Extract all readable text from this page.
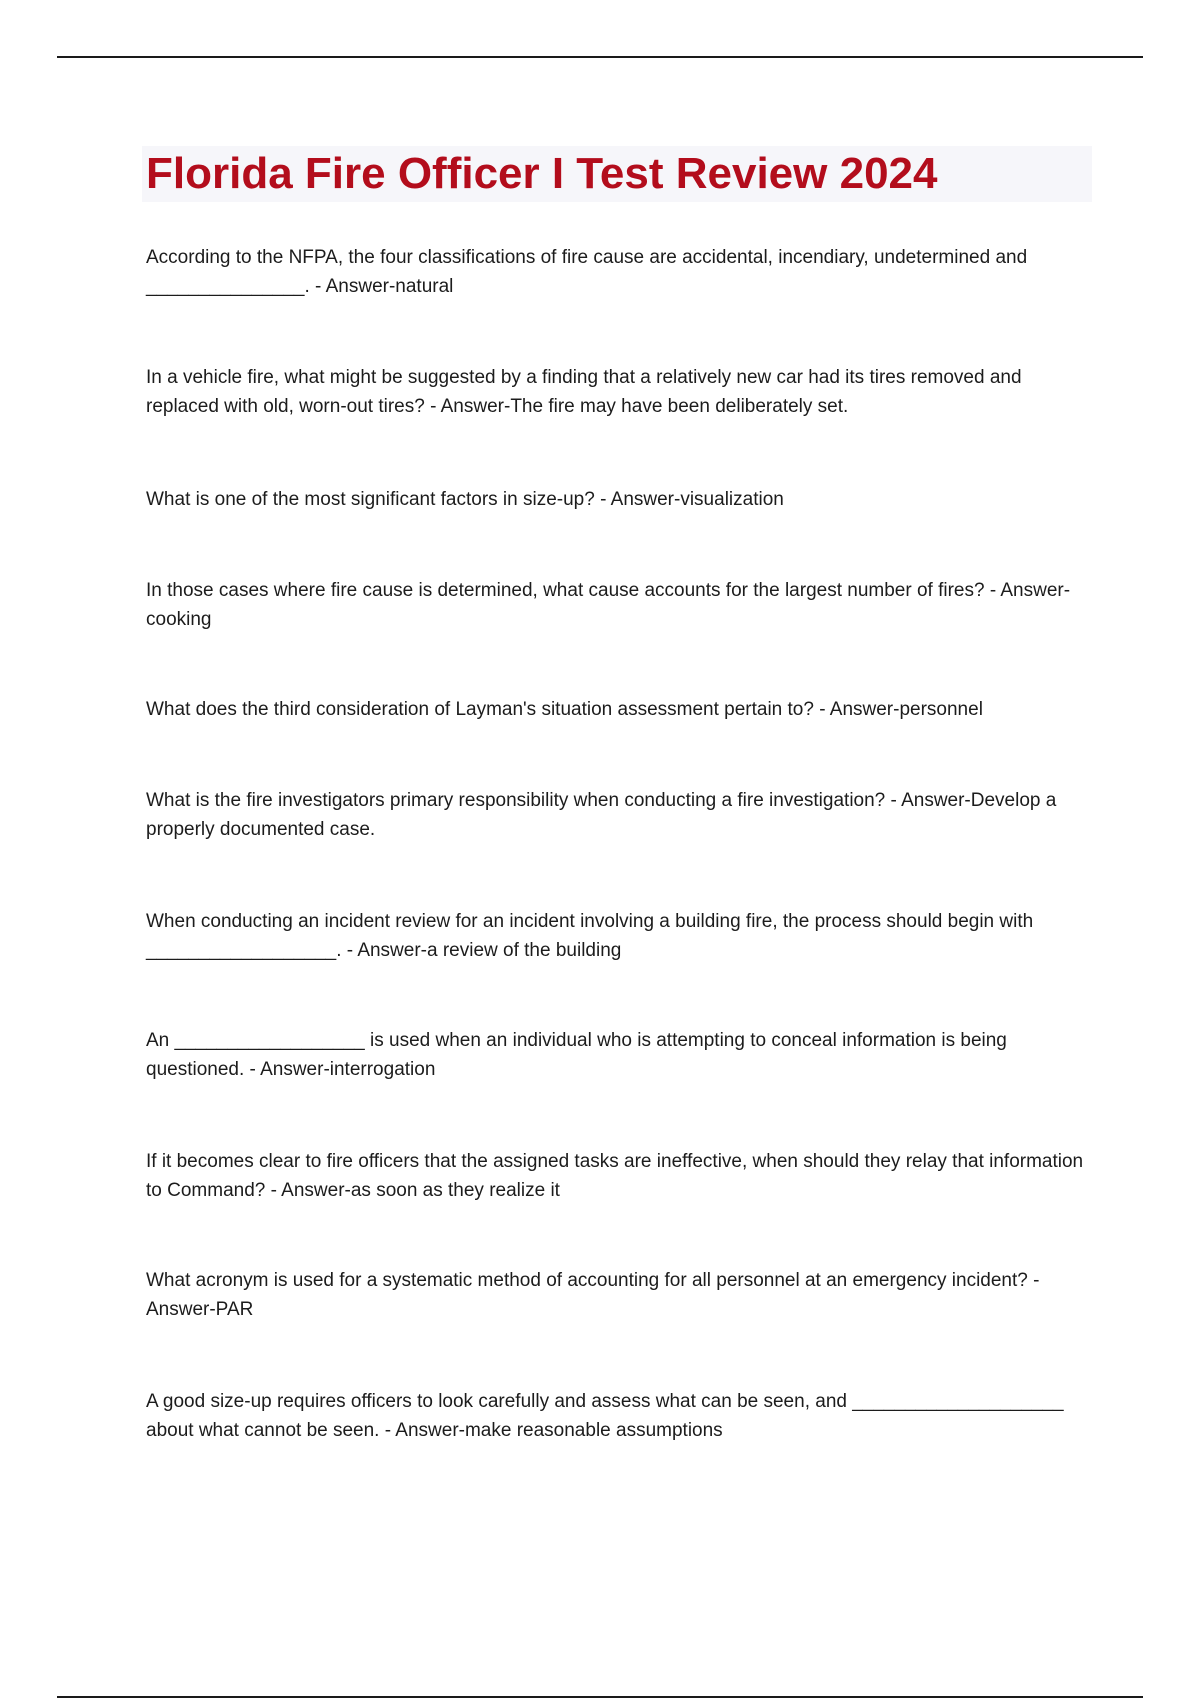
Florida Fire Officer I Test Review 2024

According to the NFPA, the four classifications of fire cause are accidental, incendiary, undetermined and _______________. - Answer-natural

In a vehicle fire, what might be suggested by a finding that a relatively new car had its tires removed and replaced with old, worn-out tires? - Answer-The fire may have been deliberately set.

What is one of the most significant factors in size-up? - Answer-visualization

In those cases where fire cause is determined, what cause accounts for the largest number of fires? - Answer-cooking

What does the third consideration of Layman's situation assessment pertain to? - Answer-personnel

What is the fire investigators primary responsibility when conducting a fire investigation? - Answer-Develop a properly documented case.

When conducting an incident review for an incident involving a building fire, the process should begin with __________________. - Answer-a review of the building

An __________________ is used when an individual who is attempting to conceal information is being questioned. - Answer-interrogation

If it becomes clear to fire officers that the assigned tasks are ineffective, when should they relay that information to Command? - Answer-as soon as they realize it

What acronym is used for a systematic method of accounting for all personnel at an emergency incident? - Answer-PAR

A good size-up requires officers to look carefully and assess what can be seen, and ____________________ about what cannot be seen. - Answer-make reasonable assumptions
